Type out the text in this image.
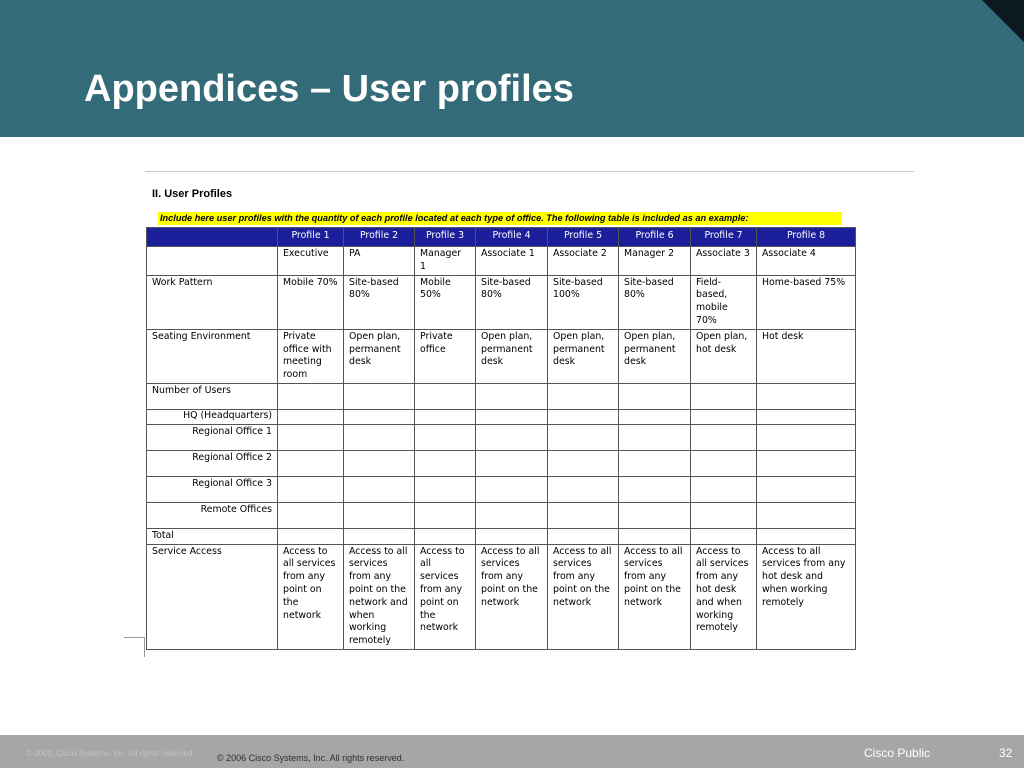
Appendices – User profiles
II. User Profiles
Include here user profiles with the quantity of each profile located at each type of office. The following table is included as an example:
	Profile 1	Profile 2	Profile 3	Profile 4	Profile 5	Profile 6	Profile 7	Profile 8
	Executive	PA	Manager 1	Associate 1	Associate 2	Manager 2	Associate 3	Associate 4
Work Pattern	Mobile 70%	Site-based 80%	Mobile 50%	Site-based 80%	Site-based 100%	Site-based 80%	Field-based, mobile 70%	Home-based 75%
Seating Environment	Private office with meeting room	Open plan, permanent desk	Private office	Open plan, permanent desk	Open plan, permanent desk	Open plan, permanent desk	Open plan, hot desk	Hot desk
Number of Users								
HQ (Headquarters)								
Regional Office 1								
Regional Office 2								
Regional Office 3								
Remote Offices								
Total								
Service Access	Access to all services from any point on the network	Access to all services from any point on the network and when working remotely	Access to all services from any point on the network	Access to all services from any point on the network	Access to all services from any point on the network	Access to all services from any point on the network	Access to all services from any hot desk and when working remotely	Access to all services from any hot desk and when working remotely
© 2003, Cisco Systems, Inc. All rights reserved. © 2006 Cisco Systems, Inc. All rights reserved.	Cisco Public	32
